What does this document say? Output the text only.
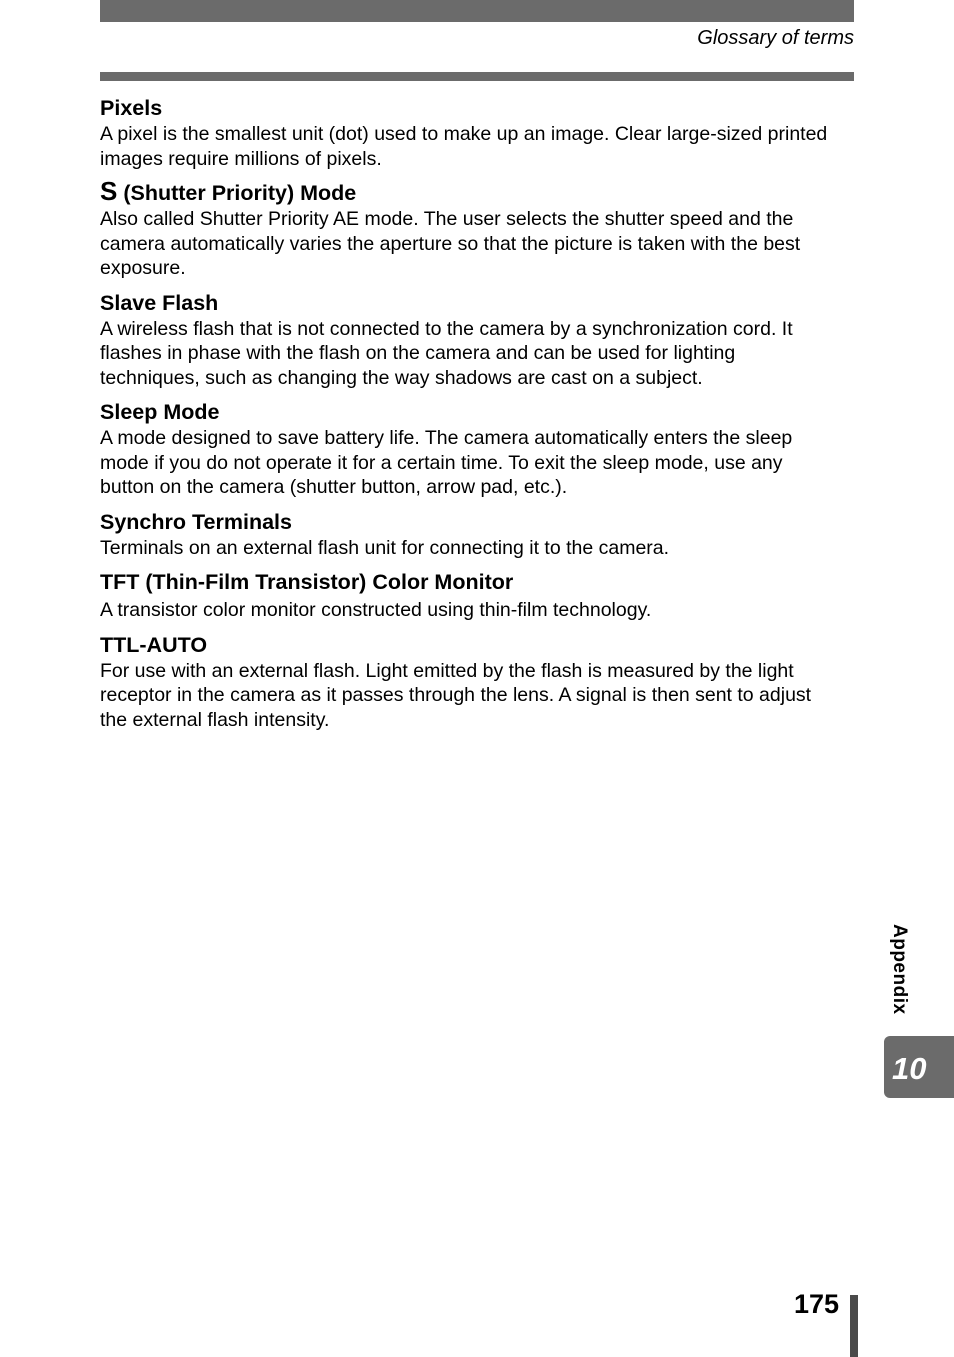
Glossary of terms

Pixels

A pixel is the smallest unit (dot) used to make up an image. Clear large-sized printed

images require millions of pixels.

S (Shutter Priority) Mode

Also called Shutter Priority AE mode. The user selects the shutter speed and the

camera automatically varies the aperture so that the picture is taken with the best

exposure.

Slave Flash

A wireless flash that is not connected to the camera by a synchronization cord. It

flashes in phase with the flash on the camera and can be used for lighting

techniques, such as changing the way shadows are cast on a subject.

Sleep Mode

A mode designed to save battery life. The camera automatically enters the sleep

mode if you do not operate it for a certain time. To exit the sleep mode, use any

button on the camera (shutter button, arrow pad, etc.).

Synchro Terminals

Terminals on an external flash unit for connecting it to the camera.

TFT (Thin-Film Transistor) Color Monitor

A transistor color monitor constructed using thin-film technology.

TTL-AUTO

For use with an external flash. Light emitted by the flash is measured by the light

receptor in the camera as it passes through the lens. A signal is then sent to adjust

the external flash intensity.

Appendix
10
175
